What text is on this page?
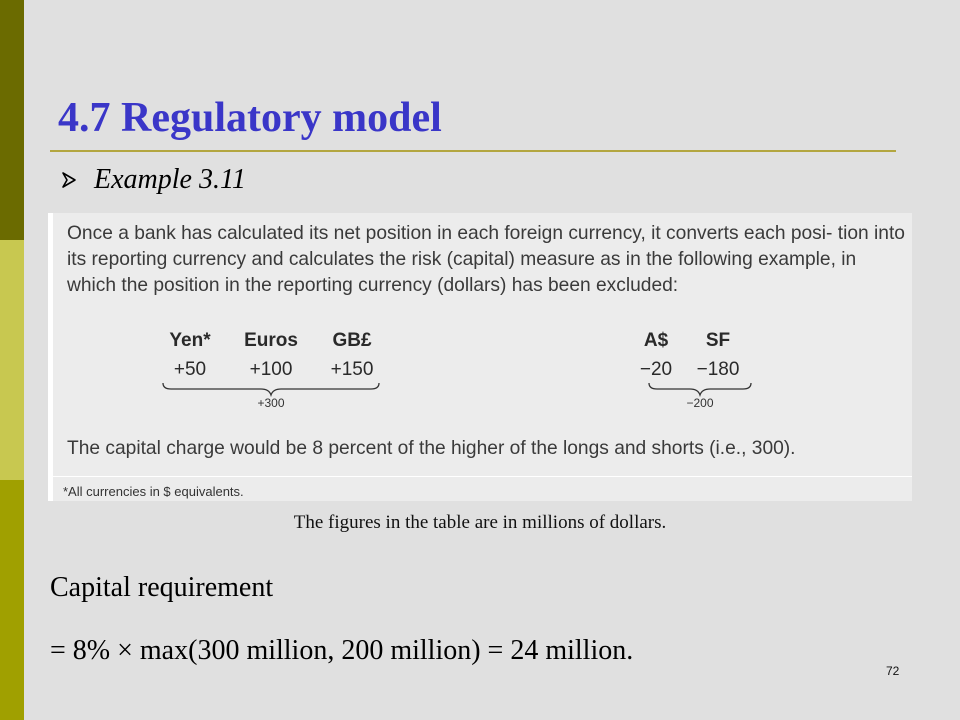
4.7 Regulatory model
Example 3.11
Once a bank has calculated its net position in each foreign currency, it converts each posi- tion into its reporting currency and calculates the risk (capital) measure as in the following example, in which the position in the reporting currency (dollars) has been excluded:
Yen*	Euros	GB£
+50	+100	+150
+300
A$	SF
−20	−180
−200
The capital charge would be 8 percent of the higher of the longs and shorts (i.e., 300).
*All currencies in $ equivalents.
The figures in the table are in millions of dollars.
Capital requirement
= 8% × max(300 million, 200 million) = 24 million.
72
